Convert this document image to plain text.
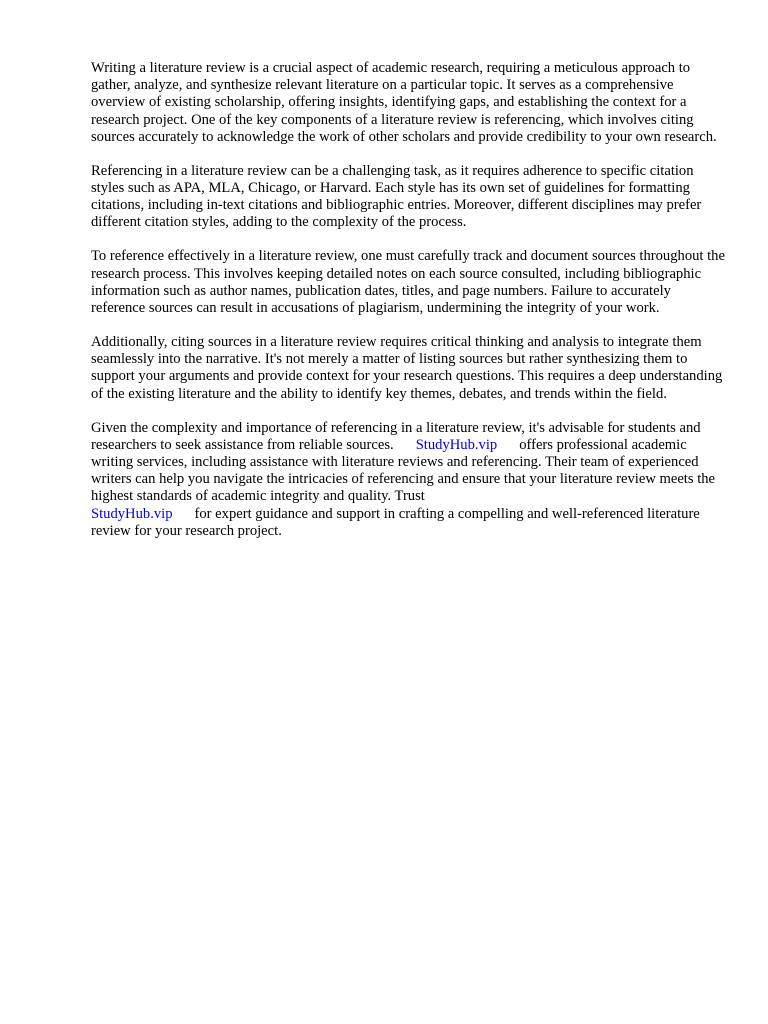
Writing a literature review is a crucial aspect of academic research, requiring a meticulous approach to gather, analyze, and synthesize relevant literature on a particular topic. It serves as a comprehensive overview of existing scholarship, offering insights, identifying gaps, and establishing the context for a research project. One of the key components of a literature review is referencing, which involves citing sources accurately to acknowledge the work of other scholars and provide credibility to your own research.

Referencing in a literature review can be a challenging task, as it requires adherence to specific citation styles such as APA, MLA, Chicago, or Harvard. Each style has its own set of guidelines for formatting citations, including in-text citations and bibliographic entries. Moreover, different disciplines may prefer different citation styles, adding to the complexity of the process.

To reference effectively in a literature review, one must carefully track and document sources throughout the research process. This involves keeping detailed notes on each source consulted, including bibliographic information such as author names, publication dates, titles, and page numbers. Failure to accurately reference sources can result in accusations of plagiarism, undermining the integrity of your work.

Additionally, citing sources in a literature review requires critical thinking and analysis to integrate them seamlessly into the narrative. It's not merely a matter of listing sources but rather synthesizing them to support your arguments and provide context for your research questions. This requires a deep understanding of the existing literature and the ability to identify key themes, debates, and trends within the field.

Given the complexity and importance of referencing in a literature review, it's advisable for students and researchers to seek assistance from reliable sources. StudyHub.vip offers professional academic writing services, including assistance with literature reviews and referencing. Their team of experienced writers can help you navigate the intricacies of referencing and ensure that your literature review meets the highest standards of academic integrity and quality. Trust
StudyHub.vip for expert guidance and support in crafting a compelling and well-referenced literature review for your research project.
